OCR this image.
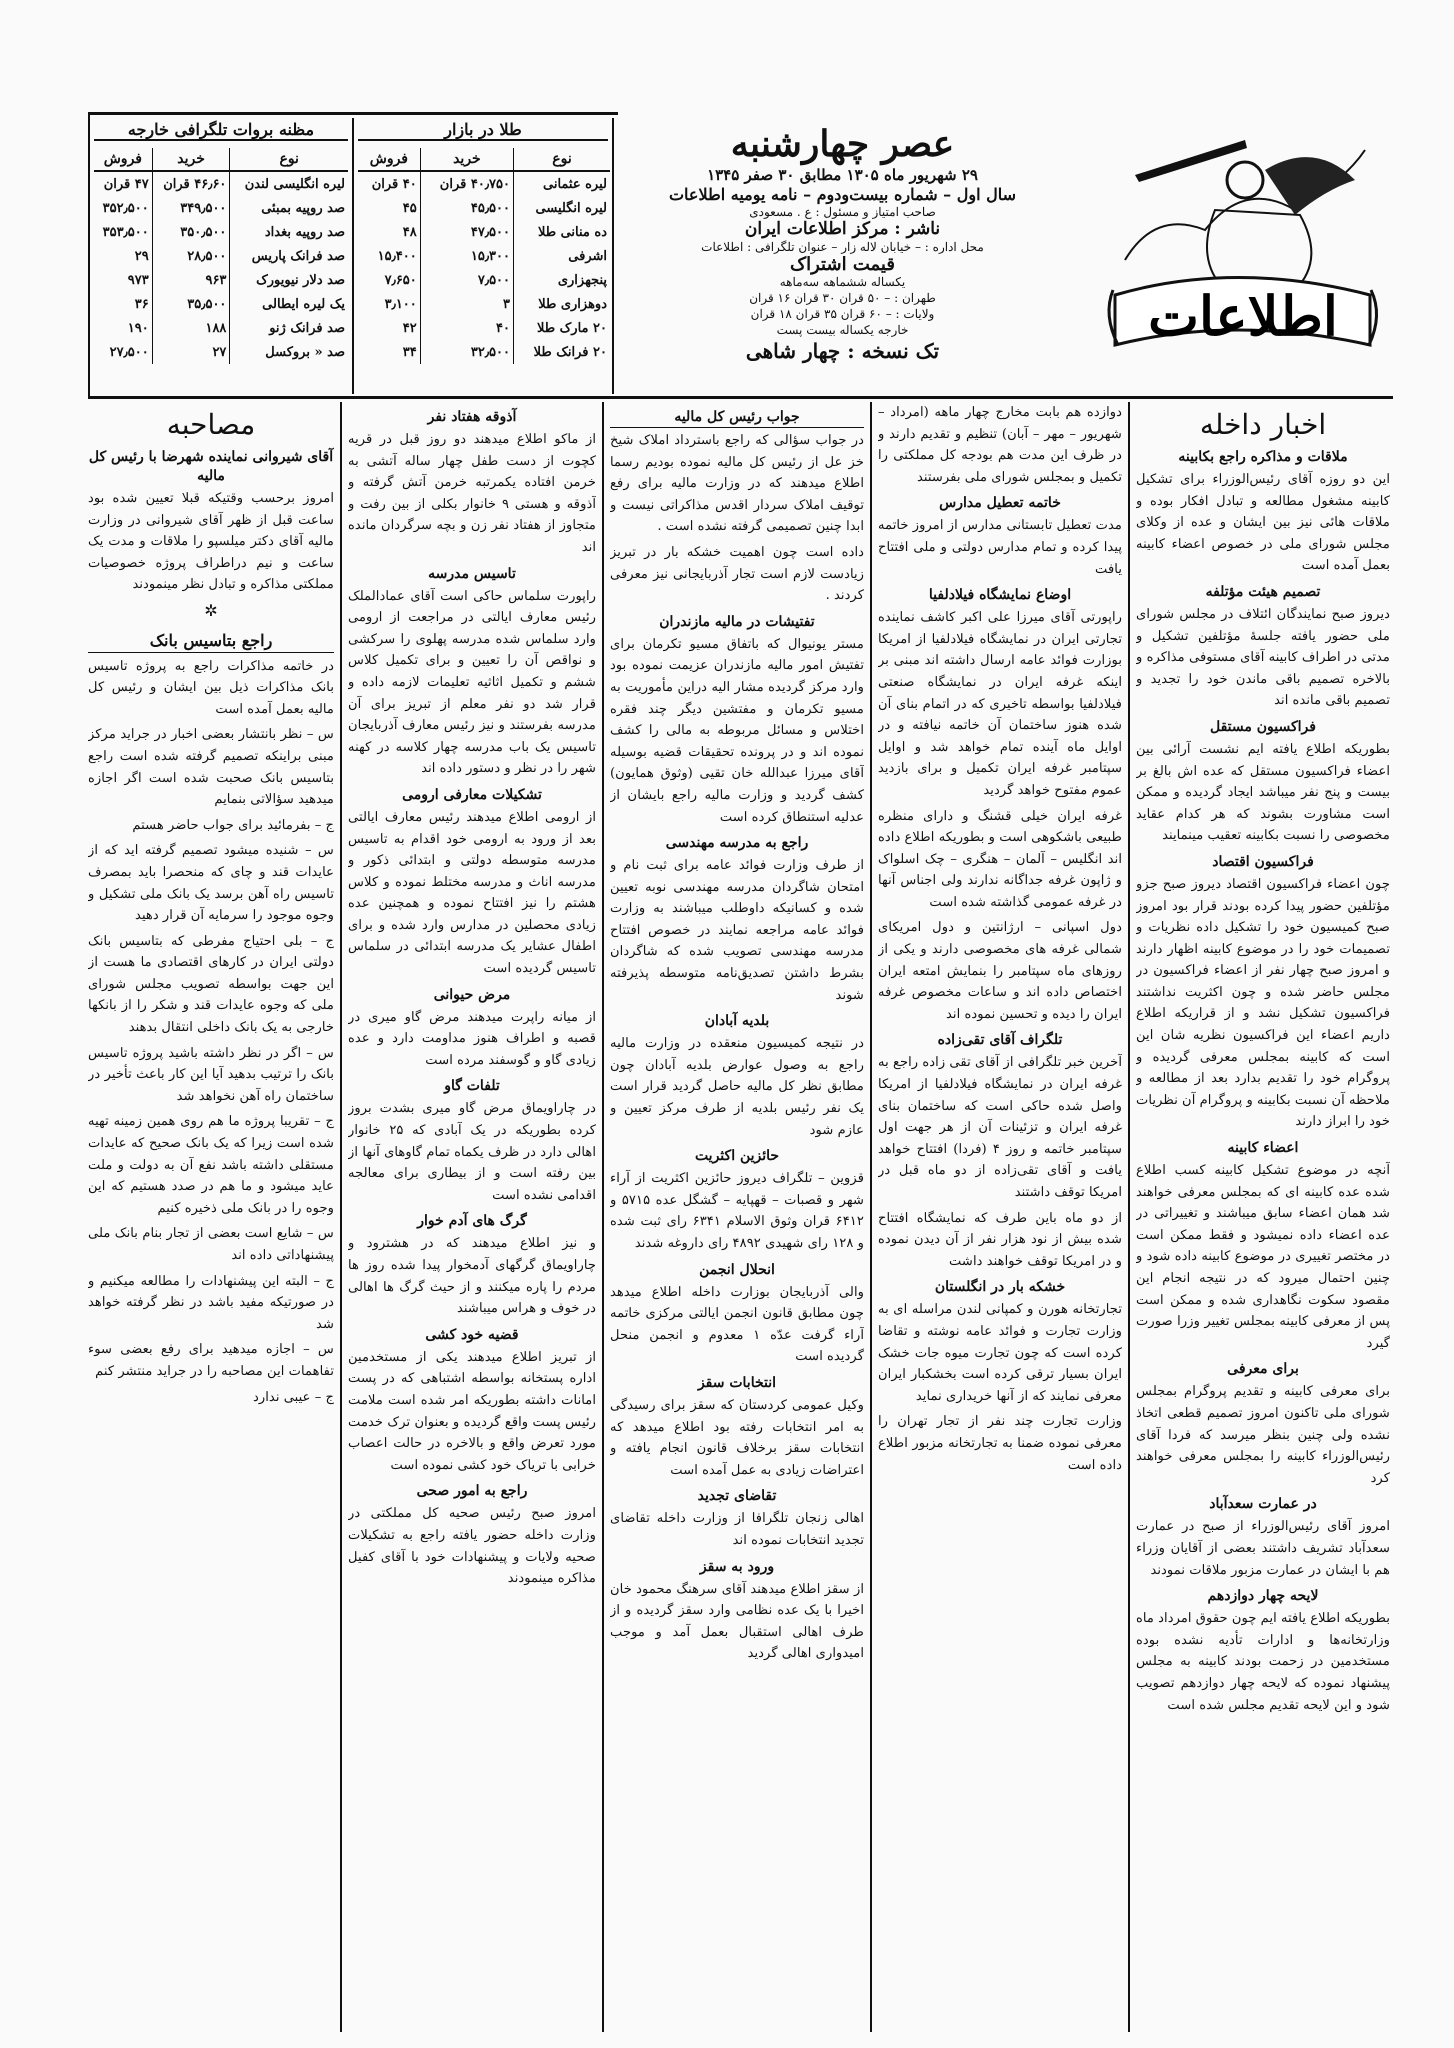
اطلاعات
عصر چهارشنبه
۲۹ شهریور ماه ۱۳۰۵ مطابق ۳۰ صفر ۱۳۴۵
سال اول – شماره بیست‌ودوم – نامه یومیه اطلاعات
صاحب امتیاز و مسئول : ع . مسعودی
ناشر : مرکز اطلاعات ایران
محل اداره : – خیابان لاله زار – عنوان تلگرافی : اطلاعات
قیمت اشتراک
یکساله ششماهه سه‌ماهه
طهران : – ۵۰ قران ۳۰ قران ۱۶ قران
ولایات : – ۶۰ قران ۳۵ قران ۱۸ قران
خارجه یکساله بیست پست
تک نسخه : چهار شاهی
طلا در بازار
نوع	خرید	فروش
لیره عثمانی	۴۰٫۷۵۰ قران	۴۰ قران
لیره انگلیسی	۴۵٫۵۰۰	۴۵
ده منانی طلا	۴۷٫۵۰۰	۴۸
اشرفی	۱۵٫۳۰۰	۱۵٫۴۰۰
پنجهزاری	۷٫۵۰۰	۷٫۶۵۰
دوهزاری طلا	۳	۳٫۱۰۰
۲۰ مارک طلا	۴۰	۴۲
۲۰ فرانک طلا	۳۲٫۵۰۰	۳۴
مظنه بروات تلگرافی خارجه
نوع	خرید	فروش
لیره انگلیسی لندن	۴۶٫۶۰ قران	۴۷ قران
صد روپیه بمبئی	۳۴۹٫۵۰۰	۳۵۲٫۵۰۰
صد روپیه بغداد	۳۵۰٫۵۰۰	۳۵۳٫۵۰۰
صد فرانک پاریس	۲۸٫۵۰۰	۲۹
صد دلار نیویورک	۹۶۳	۹۷۳
یک لیره ایطالی	۳۵٫۵۰۰	۳۶
صد فرانک ژنو	۱۸۸	۱۹۰
صد « بروکسل	۲۷	۲۷٫۵۰۰
اخبار داخله
ملاقات و مذاکره راجع بکابینه

این دو روزه آقای رئیس‌الوزراء برای تشکیل کابینه مشغول مطالعه و تبادل افکار بوده و ملاقات هائی نیز بین ایشان و عده از وکلای مجلس شورای ملی در خصوص اعضاء کابینه بعمل آمده است

تصمیم هیئت مؤتلفه

دیروز صبح نمایندگان ائتلاف در مجلس شورای ملی حضور یافته جلسهٔ مؤتلفین تشکیل و مدتی در اطراف کابینه آقای مستوفی مذاکره و بالاخره تصمیم باقی ماندن خود را تجدید و تصمیم باقی مانده اند

فراکسیون مستقل

بطوریکه اطلاع یافته ایم نشست آرائی بین اعضاء فراکسیون مستقل که عده اش بالغ بر بیست و پنج نفر میباشد ایجاد گردیده و ممکن است مشاورت بشوند که هر کدام عقاید مخصوصی را نسبت بکابینه تعقیب مینمایند

فراکسیون اقتصاد

چون اعضاء فراکسیون اقتصاد دیروز صبح جزو مؤتلفین حضور پیدا کرده بودند قرار بود امروز صبح کمیسیون خود را تشکیل داده نظریات و تصمیمات خود را در موضوع کابینه اظهار دارند و امروز صبح چهار نفر از اعضاء فراکسیون در مجلس حاضر شده و چون اکثریت نداشتند فراکسیون تشکیل نشد و از قراریکه اطلاع داریم اعضاء این فراکسیون نظریه شان این است که کابینه بمجلس معرفی گردیده و پروگرام خود را تقدیم بدارد بعد از مطالعه و ملاحظه آن نسبت بکابینه و پروگرام آن نظریات خود را ابراز دارند

اعضاء کابینه

آنچه در موضوع تشکیل کابینه کسب اطلاع شده عده کابینه ای که بمجلس معرفی خواهند شد همان اعضاء سابق میباشند و تغییراتی در عده اعضاء داده نمیشود و فقط ممکن است در مختصر تغییری در موضوع کابینه داده شود و چنین احتمال میرود که در نتیجه انجام این مقصود سکوت نگاهداری شده و ممکن است پس از معرفی کابینه بمجلس تغییر وزرا صورت گیرد

برای معرفی

برای معرفی کابینه و تقدیم پروگرام بمجلس شورای ملی تاکنون امروز تصمیم قطعی اتخاذ نشده ولی چنین بنظر میرسد که فردا آقای رئیس‌الوزراء کابینه را بمجلس معرفی خواهند کرد

در عمارت سعدآباد

امروز آقای رئیس‌الوزراء از صبح در عمارت سعدآباد تشریف داشتند بعضی از آقایان وزراء هم با ایشان در عمارت مزبور ملاقات نمودند

لایحه چهار دوازدهم

بطوریکه اطلاع یافته ایم چون حقوق امرداد ماه وزارتخانه‌ها و ادارات تأدیه نشده بوده مستخدمین در زحمت بودند کابینه به مجلس پیشنهاد نموده که لایحه چهار دوازدهم تصویب شود و این لایحه تقدیم مجلس شده است

دوازده هم بابت مخارج چهار ماهه (امرداد – شهریور – مهر – آبان) تنظیم و تقدیم دارند و در ظرف این مدت هم بودجه کل مملکتی را تکمیل و بمجلس شورای ملی بفرستند

خاتمه تعطیل مدارس

مدت تعطیل تابستانی مدارس از امروز خاتمه پیدا کرده و تمام مدارس دولتی و ملی افتتاح یافت

اوضاع نمایشگاه فیلادلفیا

راپورتی آقای میرزا علی اکبر کاشف نماینده تجارتی ایران در نمایشگاه فیلادلفیا از امریکا بوزارت فوائد عامه ارسال داشته اند مبنی بر اینکه غرفه ایران در نمایشگاه صنعتی فیلادلفیا بواسطه تاخیری که در اتمام بنای آن شده هنوز ساختمان آن خاتمه نیافته و در اوایل ماه آینده تمام خواهد شد و اوایل سپتامبر غرفه ایران تکمیل و برای بازدید عموم مفتوح خواهد گردید

غرفه ایران خیلی قشنگ و دارای منظره طبیعی باشکوهی است و بطوریکه اطلاع داده اند انگلیس – آلمان – هنگری – چک اسلواک و ژاپون غرفه جداگانه ندارند ولی اجناس آنها در غرفه عمومی گذاشته شده است

دول اسپانی – ارژانتین و دول امریکای شمالی غرفه های مخصوصی دارند و یکی از روزهای ماه سپتامبر را بنمایش امتعه ایران اختصاص داده اند و ساعات مخصوص غرفه ایران را دیده و تحسین نموده اند

تلگراف آقای تقی‌زاده

آخرین خبر تلگرافی از آقای تقی زاده راجع به غرفه ایران در نمایشگاه فیلادلفیا از امریکا واصل شده حاکی است که ساختمان بنای غرفه ایران و تزئینات آن از هر جهت اول سپتامبر خاتمه و روز ۴ (فردا) افتتاح خواهد یافت و آقای تقی‌زاده از دو ماه قبل در امریکا توقف داشتند

از دو ماه باین طرف که نمایشگاه افتتاح شده بیش از نود هزار نفر از آن دیدن نموده و در امریکا توقف خواهند داشت

خشکه بار در انگلستان

تجارتخانه هورن و کمپانی لندن مراسله ای به وزارت تجارت و فوائد عامه نوشته و تقاضا کرده است که چون تجارت میوه جات خشک ایران بسیار ترقی کرده است بخشکبار ایران معرفی نمایند که از آنها خریداری نماید

وزارت تجارت چند نفر از تجار تهران را معرفی نموده ضمنا به تجارتخانه مزبور اطلاع داده است

جواب رئیس کل مالیه

در جواب سؤالی که راجع باسترداد املاک شیخ خز عل از رئیس کل مالیه نموده بودیم رسما اطلاع میدهند که در وزارت مالیه برای رفع توقیف املاک سردار اقدس مذاکراتی نیست و ابدا چنین تصمیمی گرفته نشده است .

داده است چون اهمیت خشکه بار در تبریز زیادست لازم است تجار آذربایجانی نیز معرفی کردند .

تفتیشات در مالیه مازندران

مستر یونیوال که باتفاق مسیو تکرمان برای تفتیش امور مالیه مازندران عزیمت نموده بود وارد مرکز گردیده مشار الیه دراین مأموریت به مسیو تکرمان و مفتشین دیگر چند فقره اختلاس و مسائل مربوطه به مالی را کشف نموده اند و در پرونده تحقیقات قضیه بوسیله آقای میرزا عبدالله خان تقیی (وثوق همایون) کشف گردید و وزارت مالیه راجع بایشان از عدلیه استنطاق کرده است

راجع به مدرسه مهندسی

از طرف وزارت فوائد عامه برای ثبت نام و امتحان شاگردان مدرسه مهندسی نوبه تعیین شده و کسانیکه داوطلب میباشند به وزارت فوائد عامه مراجعه نمایند در خصوص افتتاح مدرسه مهندسی تصویب شده که شاگردان بشرط داشتن تصدیق‌نامه متوسطه پذیرفته شوند

بلدیه آبادان

در نتیجه کمیسیون منعقده در وزارت مالیه راجع به وصول عوارض بلدیه آبادان چون مطابق نظر کل مالیه حاصل گردید قرار است یک نفر رئیس بلدیه از طرف مرکز تعیین و عازم شود

حائزین اکثریت

قزوین – تلگراف دیروز حائزین اکثریت از آراء شهر و قصبات – قهپایه – گشگل عده ۵۷۱۵ و ۶۴۱۲ قران وثوق الاسلام ۶۳۴۱ رای ثبت شده و ۱۲۸ رای شهیدی ۴۸۹۲ رای داروغه شدند

انحلال انجمن

والی آذربایجان بوزارت داخله اطلاع میدهد چون مطابق قانون انجمن ایالتی مرکزی خاتمه آراء گرفت عدّه ۱ معدوم و انجمن منحل گردیده است

انتخابات سقز

وکیل عمومی کردستان که سقز برای رسیدگی به امر انتخابات رفته بود اطلاع میدهد که انتخابات سقز برخلاف قانون انجام یافته و اعتراضات زیادی به عمل آمده است

تقاضای تجدید

اهالی زنجان تلگرافا از وزارت داخله تقاضای تجدید انتخابات نموده اند

ورود به سقز

از سقز اطلاع میدهند آقای سرهنگ محمود خان اخیرا با یک عده نظامی وارد سقز گردیده و از طرف اهالی استقبال بعمل آمد و موجب امیدواری اهالی گردید

آذوقه هفتاد نفر

از ماکو اطلاع میدهند دو روز قبل در قریه کچوت از دست طفل چهار ساله آتشی به خرمن افتاده یکمرتبه خرمن آتش گرفته و آذوقه و هستی ۹ خانوار بکلی از بین رفت و متجاوز از هفتاد نفر زن و بچه سرگردان مانده اند

تاسیس مدرسه

راپورت سلماس حاکی است آقای عمادالملک رئیس معارف ایالتی در مراجعت از ارومی وارد سلماس شده مدرسه پهلوی را سرکشی و نواقص آن را تعیین و برای تکمیل کلاس ششم و تکمیل اثاثیه تعلیمات لازمه داده و قرار شد دو نفر معلم از تبریز برای آن مدرسه بفرستند و نیز رئیس معارف آذربایجان تاسیس یک باب مدرسه چهار کلاسه در کهنه شهر را در نظر و دستور داده اند

تشکیلات معارفی ارومی

از ارومی اطلاع میدهند رئیس معارف ایالتی بعد از ورود به ارومی خود اقدام به تاسیس مدرسه متوسطه دولتی و ابتدائی ذکور و مدرسه اناث و مدرسه مختلط نموده و کلاس هشتم را نیز افتتاح نموده و همچنین عده زیادی محصلین در مدارس وارد شده و برای اطفال عشایر یک مدرسه ابتدائی در سلماس تاسیس گردیده است

مرض حیوانی

از میانه راپرت میدهند مرض گاو میری در قصبه و اطراف هنوز مداومت دارد و عده زیادی گاو و گوسفند مرده است

تلفات گاو

در چاراویماق مرض گاو میری بشدت بروز کرده بطوریکه در یک آبادی که ۲۵ خانوار اهالی دارد در ظرف یکماه تمام گاوهای آنها از بین رفته است و از بیطاری برای معالجه اقدامی نشده است

گرگ های آدم خوار

و نیز اطلاع میدهند که در هشترود و چاراویماق گرگهای آدمخوار پیدا شده روز ها مردم را پاره میکنند و از حیث گرگ ها اهالی در خوف و هراس میباشند

قضیه خود کشی

از تبریز اطلاع میدهند یکی از مستخدمین اداره پستخانه بواسطه اشتباهی که در پست امانات داشته بطوریکه امر شده است ملامت رئیس پست واقع گردیده و بعنوان ترک خدمت مورد تعرض واقع و بالاخره در حالت اعصاب خرابی با تریاک خود کشی نموده است

راجع به امور صحی

امروز صبح رئیس صحیه کل مملکتی در وزارت داخله حضور یافته راجع به تشکیلات صحیه ولایات و پیشنهادات خود با آقای کفیل مذاکره مینمودند

مصاحبه
آقای شیروانی نماینده شهرضا با رئیس کل مالیه

امروز برحسب وقتیکه قبلا تعیین شده بود ساعت قبل از ظهر آقای شیروانی در وزارت مالیه آقای دکتر میلسپو را ملاقات و مدت یک ساعت و نیم دراطراف پروژه خصوصیات مملکتی مذاکره و تبادل نظر مینمودند

✲
راجع بتاسیس بانک

در خاتمه مذاکرات راجع به پروژه تاسیس بانک مذاکرات ذیل بین ایشان و رئیس کل مالیه بعمل آمده است

س – نظر بانتشار بعضی اخبار در جراید مرکز مبنی براینکه تصمیم گرفته شده است راجع بتاسیس بانک صحبت شده است اگر اجازه میدهید سؤالاتی بنمایم

ج – بفرمائید برای جواب حاضر هستم

س – شنیده میشود تصمیم گرفته اید که از عایدات قند و چای که منحصرا باید بمصرف تاسیس راه آهن برسد یک بانک ملی تشکیل و وجوه موجود را سرمایه آن قرار دهید

ج – بلی احتیاج مفرطی که بتاسیس بانک دولتی ایران در کارهای اقتصادی ما هست از این جهت بواسطه تصویب مجلس شورای ملی که وجوه عایدات قند و شکر را از بانکها خارجی به یک بانک داخلی انتقال بدهند

س – اگر در نظر داشته باشید پروژه تاسیس بانک را ترتیب بدهید آیا این کار باعث تأخیر در ساختمان راه آهن نخواهد شد

ج – تقریبا پروژه ما هم روی همین زمینه تهیه شده است زیرا که یک بانک صحیح که عایدات مستقلی داشته باشد نفع آن به دولت و ملت عاید میشود و ما هم در صدد هستیم که این وجوه را در بانک ملی ذخیره کنیم

س – شایع است بعضی از تجار بنام بانک ملی پیشنهاداتی داده اند

ج – البته این پیشنهادات را مطالعه میکنیم و در صورتیکه مفید باشد در نظر گرفته خواهد شد

س – اجازه میدهید برای رفع بعضی سوء تفاهمات این مصاحبه را در جراید منتشر کنم

ج – عیبی ندارد
